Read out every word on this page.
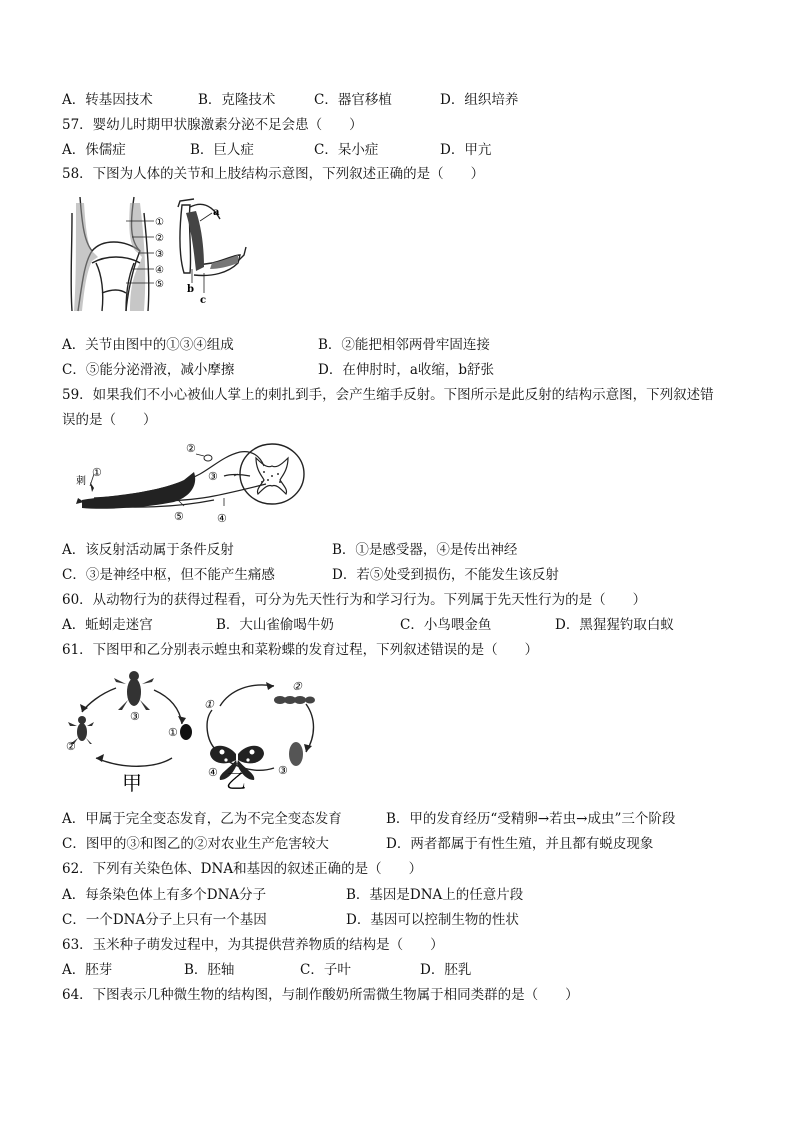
A．转基因技术	B．克隆技术	C．器官移植	D．组织培养
57．婴幼儿时期甲状腺激素分泌不足会患（　　）
A．侏儒症	B．巨人症	C．呆小症	D．甲亢
58．下图为人体的关节和上肢结构示意图，下列叙述正确的是（　　）
①
②
③
④
⑤
a
b
c
A．关节由图中的①③④组成	B．②能把相邻两骨牢固连接
C．⑤能分泌滑液，减小摩擦	D．在伸肘时，a收缩，b舒张
59．如果我们不小心被仙人掌上的刺扎到手，会产生缩手反射。下图所示是此反射的结构示意图，下列叙述错
误的是（　　）
刺
①
②
③
④
⑤
A．该反射活动属于条件反射	B．①是感受器，④是传出神经
C．③是神经中枢，但不能产生痛感	D．若⑤处受到损伤，不能发生该反射
60．从动物行为的获得过程看，可分为先天性行为和学习行为。下列属于先天性行为的是（　　）
A．蚯蚓走迷宫	B．大山雀偷喝牛奶	C．小鸟喂金鱼	D．黑猩猩钓取白蚁
61．下图甲和乙分别表示蝗虫和菜粉蝶的发育过程，下列叙述错误的是（　　）
①
②
③
甲
①
②
③
④ 乙
A．甲属于完全变态发育，乙为不完全变态发育	B．甲的发育经历“受精卵→若虫→成虫”三个阶段
C．图甲的③和图乙的②对农业生产危害较大	D．两者都属于有性生殖，并且都有蜕皮现象
62．下列有关染色体、DNA和基因的叙述正确的是（　　）
A．每条染色体上有多个DNA分子	B．基因是DNA上的任意片段
C．一个DNA分子上只有一个基因	D．基因可以控制生物的性状
63．玉米种子萌发过程中，为其提供营养物质的结构是（　　）
A．胚芽	B．胚轴	C．子叶	D．胚乳
64．下图表示几种微生物的结构图，与制作酸奶所需微生物属于相同类群的是（　　）
